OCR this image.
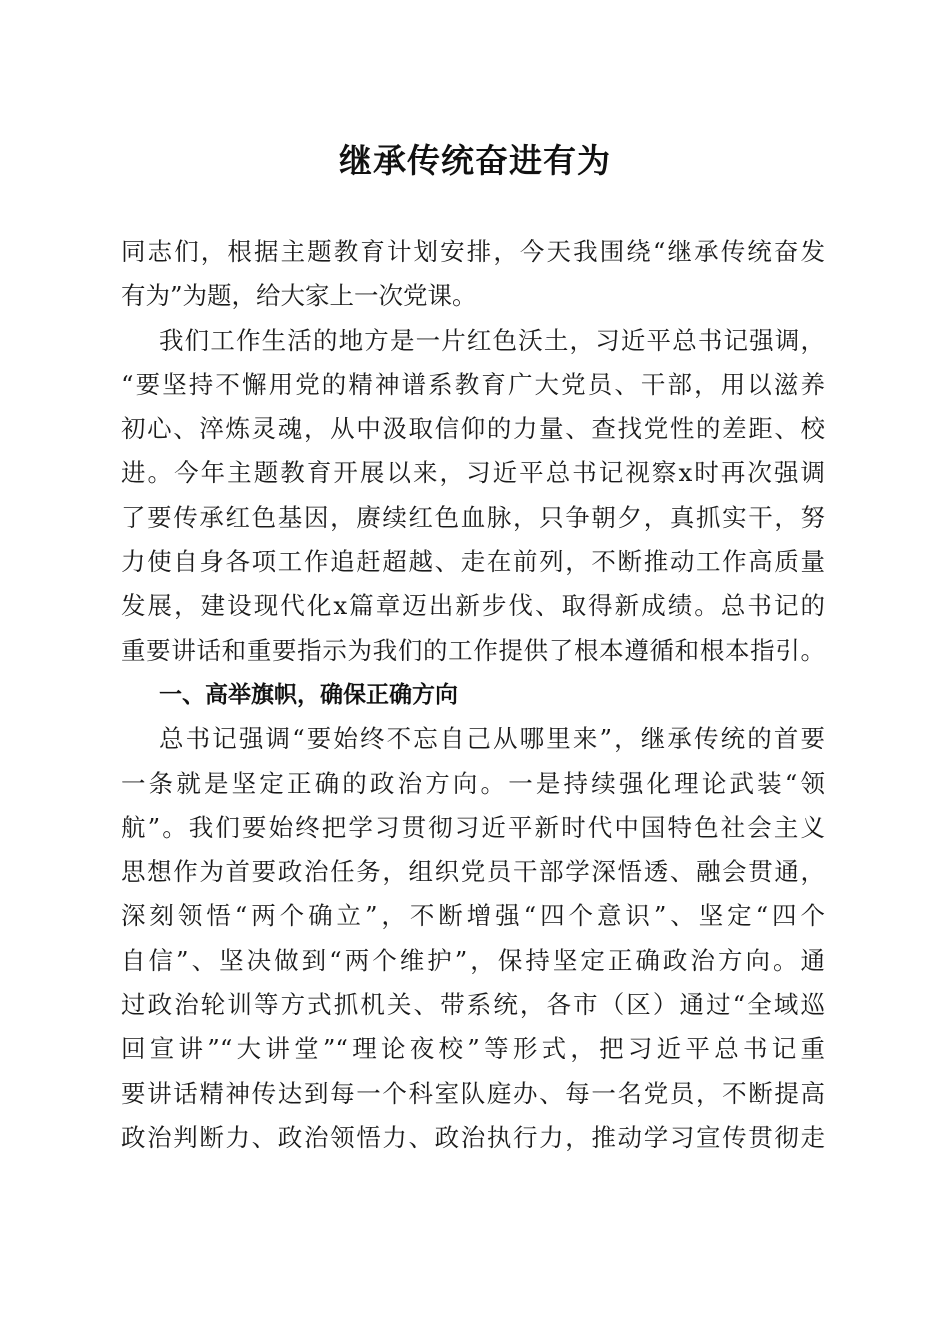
继承传统奋进有为
同志们，根据主题教育计划安排，今天我围绕“继承传统奋发
有为”为题，给大家上一次党课。
我们工作生活的地方是一片红色沃土，习近平总书记强调，
“要坚持不懈用党的精神谱系教育广大党员、干部，用以滋养
初心、淬炼灵魂，从中汲取信仰的力量、查找党性的差距、校
进。今年主题教育开展以来，习近平总书记视察x时再次强调
了要传承红色基因，赓续红色血脉，只争朝夕，真抓实干，努
力使自身各项工作追赶超越、走在前列，不断推动工作高质量
发展，建设现代化x篇章迈出新步伐、取得新成绩。总书记的
重要讲话和重要指示为我们的工作提供了根本遵循和根本指引。
一、高举旗帜，确保正确方向
总书记强调“要始终不忘自己从哪里来”，继承传统的首要
一条就是坚定正确的政治方向。一是持续强化理论武装“领
航”。我们要始终把学习贯彻习近平新时代中国特色社会主义
思想作为首要政治任务，组织党员干部学深悟透、融会贯通，
深刻领悟“两个确立”，不断增强“四个意识”、坚定“四个
自信”、坚决做到“两个维护”，保持坚定正确政治方向。通
过政治轮训等方式抓机关、带系统，各市（区）通过“全域巡
回宣讲”“大讲堂”“理论夜校”等形式，把习近平总书记重
要讲话精神传达到每一个科室队庭办、每一名党员，不断提高
政治判断力、政治领悟力、政治执行力，推动学习宣传贯彻走
